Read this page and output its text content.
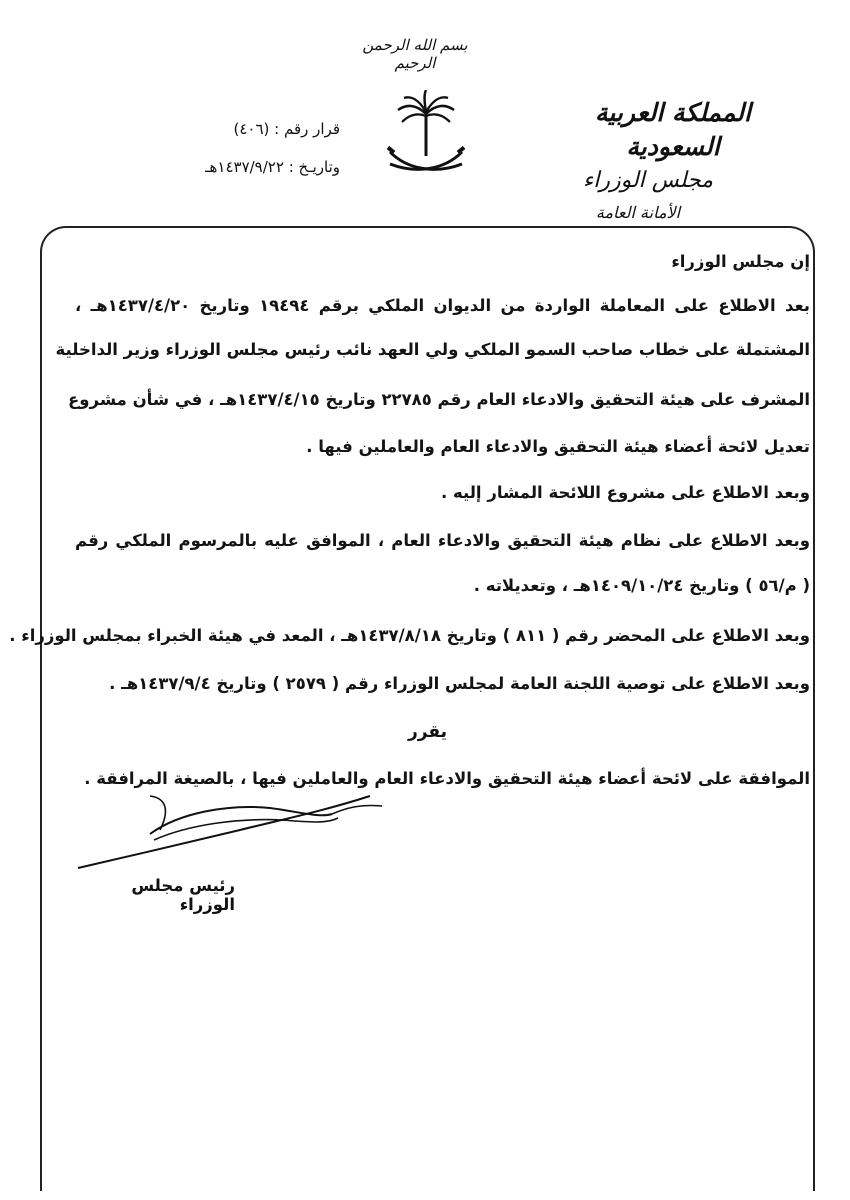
بسم الله الرحمن الرحيم
المملكة العربية السعودية
مجلس الوزراء
الأمانة العامة
قرار رقم : (٤٠٦)
وتاريـخ : ١٤٣٧/٩/٢٢هـ
إن مجلس الوزراء
بعد الاطلاع على المعاملة الواردة من الديوان الملكي برقم ١٩٤٩٤ وتاريخ ١٤٣٧/٤/٢٠هـ ،
المشتملة على خطاب صاحب السمو الملكي ولي العهد نائب رئيس مجلس الوزراء وزير الداخلية
المشرف على هيئة التحقيق والادعاء العام رقم ٢٢٧٨٥ وتاريخ ١٤٣٧/٤/١٥هـ ، في شأن مشروع
تعديل لائحة أعضاء هيئة التحقيق والادعاء العام والعاملين فيها .
وبعد الاطلاع على مشروع اللائحة المشار إليه .
وبعد الاطلاع على نظام هيئة التحقيق والادعاء العام ، الموافق عليه بالمرسوم الملكي رقم
( م/٥٦ ) وتاريخ ١٤٠٩/١٠/٢٤هـ ، وتعديلاته .
وبعد الاطلاع على المحضر رقم ( ٨١١ ) وتاريخ ١٤٣٧/٨/١٨هـ ، المعد في هيئة الخبراء بمجلس الوزراء .
وبعد الاطلاع على توصية اللجنة العامة لمجلس الوزراء رقم ( ٢٥٧٩ ) وتاريخ ١٤٣٧/٩/٤هـ .
الموافقة على لائحة أعضاء هيئة التحقيق والادعاء العام والعاملين فيها ، بالصيغة المرافقة .
يقرر
رئيس مجلس الوزراء
